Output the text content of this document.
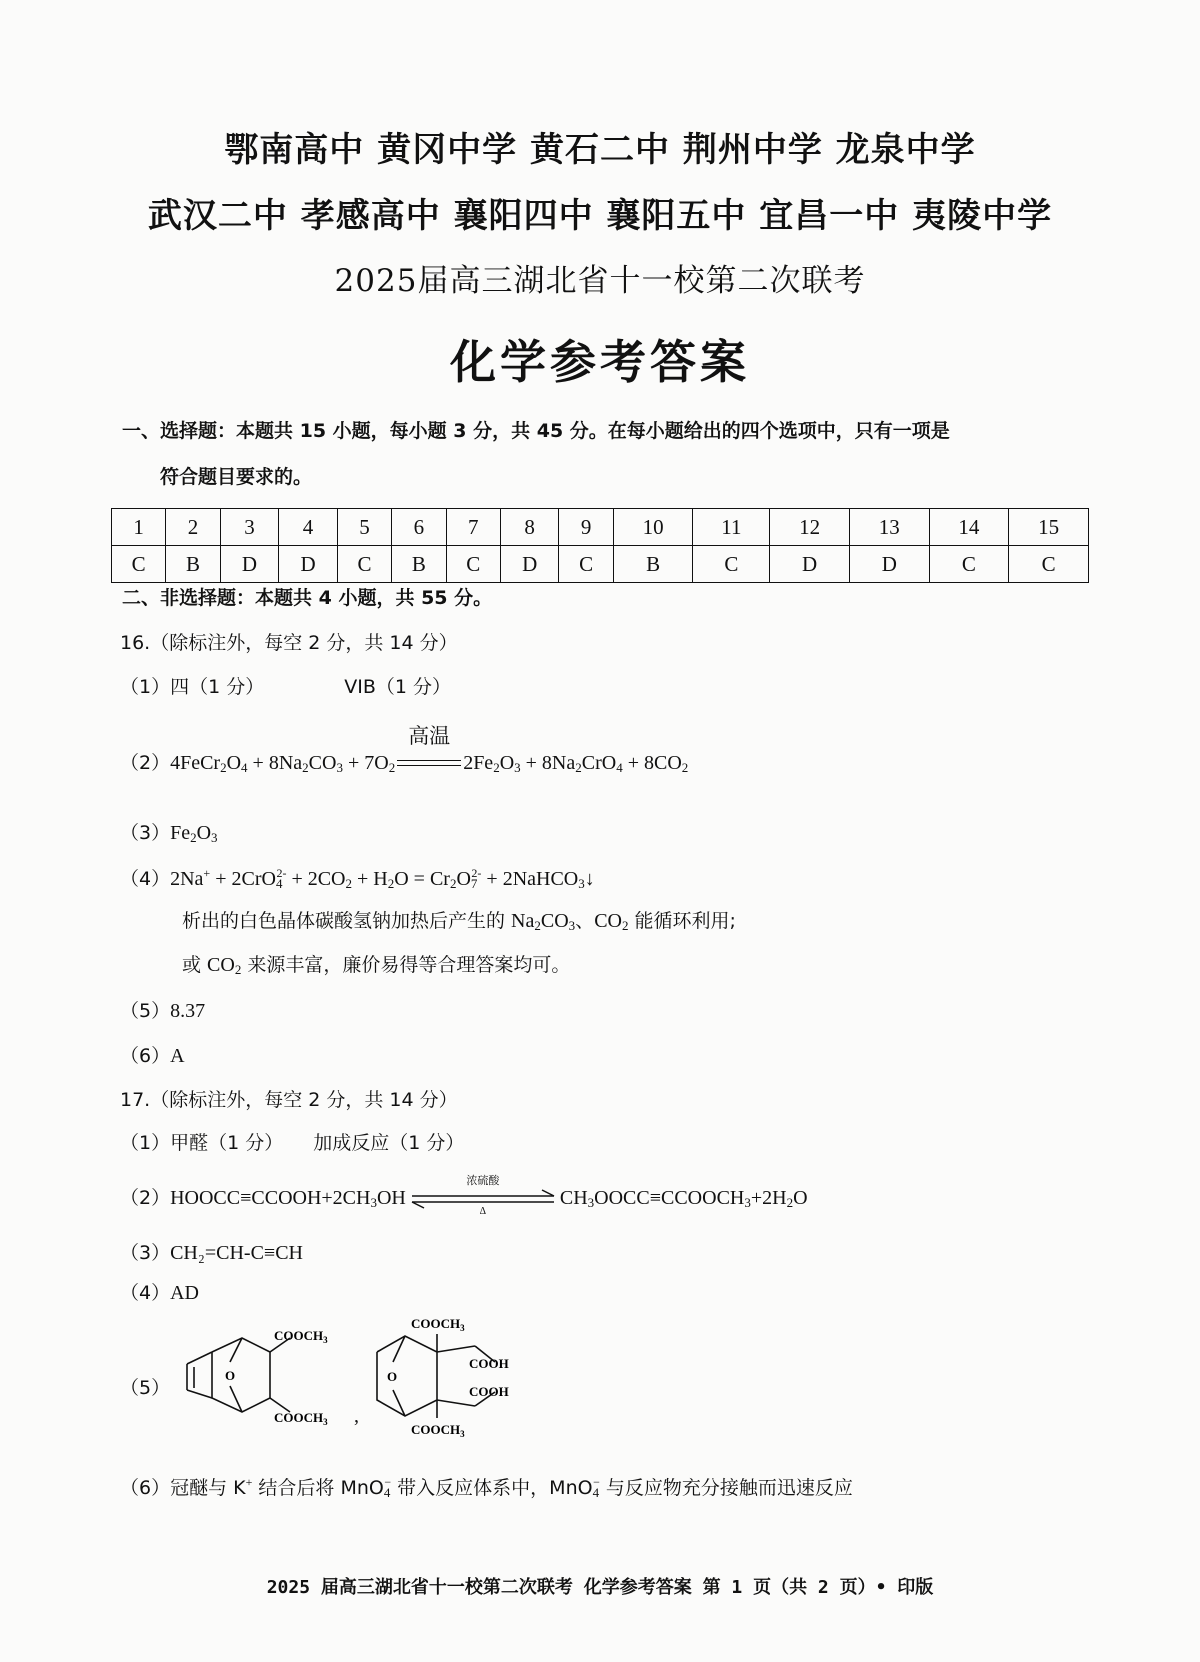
鄂南高中 黄冈中学 黄石二中 荆州中学 龙泉中学
武汉二中 孝感高中 襄阳四中 襄阳五中 宜昌一中 夷陵中学
2025届高三湖北省十一校第二次联考
化学参考答案
一、选择题：本题共 15 小题，每小题 3 分，共 45 分。在每小题给出的四个选项中，只有一项是
　　符合题目要求的。
1	2	3	4	5	6	7	8	9	10	11	12	13	14	15
C	B	D	D	C	B	C	D	C	B	C	D	D	C	C
二、非选择题：本题共 4 小题，共 55 分。
16.（除标注外，每空 2 分，共 14 分）
（1）四（1 分）	VIB（1 分）
$(2)4FeCr_2O_4 + 8Na_2CO_3 + 7O_2$
高温
$2Fe_2O_3 + 8Na_2CrO_4 + 8CO_2$
$(3)Fe_2O_3$
$(4)2Na^+ + 2CrO_4^{2-} + 2CO_2 + H_2O = Cr_2O_7^{2-}$ + 2NaHCO$_3$↓
析出的白色晶体碳酸氢钠加热后产生的 $Na_2CO_3$、$CO_2$ 能循环利用;
或 $CO_2$ 来源丰富，廉价易得等合理答案均可。
（5）8.37
（6）A
17.（除标注外，每空 2 分，共 14 分）
（1）甲醛（1 分） 加成反应（1 分）
$(2)HOOCC\equiv CCOOH+2CH_3OH$
浓硫酸
Δ
$CH_3OOCC\equiv CCOOCH_3+2H_2O$
（3）CH₂=CH-C≡CH
（4）AD
（5）
O
$COOCH_3$
$COOCH_3$ ,
O
$COOCH_3$
COOH
COOH
$COOCH_3$
（6）冠醚与 K+ 结合后将 MnO$_4$− 带入反应体系中，MnO$_4$− 与反应物充分接触而迅速反应
2025 届高三湖北省十一校第二次联考 化学参考答案 第 1 页（共 2 页）• 印版
